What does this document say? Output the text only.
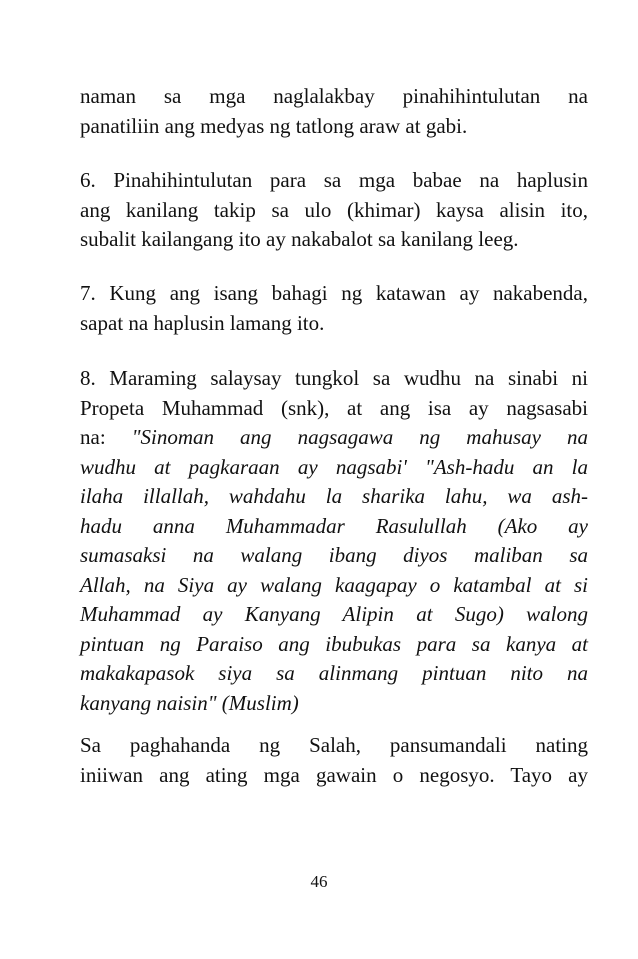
naman sa mga naglalakbay pinahihintulutan na
panatiliin ang medyas ng tatlong araw at gabi.
6. Pinahihintulutan para sa mga babae na haplusin
ang kanilang takip sa ulo (khimar) kaysa alisin ito,
subalit kailangang ito ay nakabalot sa kanilang leeg.
7. Kung ang isang bahagi ng katawan ay nakabenda,
sapat na haplusin lamang ito.
8. Maraming salaysay tungkol sa wudhu na sinabi ni
Propeta Muhammad (snk), at ang isa ay nagsasabi
na: "Sinoman ang nagsagawa ng mahusay na
wudhu at pagkaraan ay nagsabi' "Ash-hadu an la
ilaha illallah, wahdahu la sharika lahu, wa ash-
hadu anna Muhammadar Rasulullah (Ako ay
sumasaksi na walang ibang diyos maliban sa
Allah, na Siya ay walang kaagapay o katambal at si
Muhammad ay Kanyang Alipin at Sugo) walong
pintuan ng Paraiso ang ibubukas para sa kanya at
makakapasok siya sa alinmang pintuan nito na
kanyang naisin" (Muslim)
Sa paghahanda ng Salah, pansumandali nating
iniiwan ang ating mga gawain o negosyo. Tayo ay
46
